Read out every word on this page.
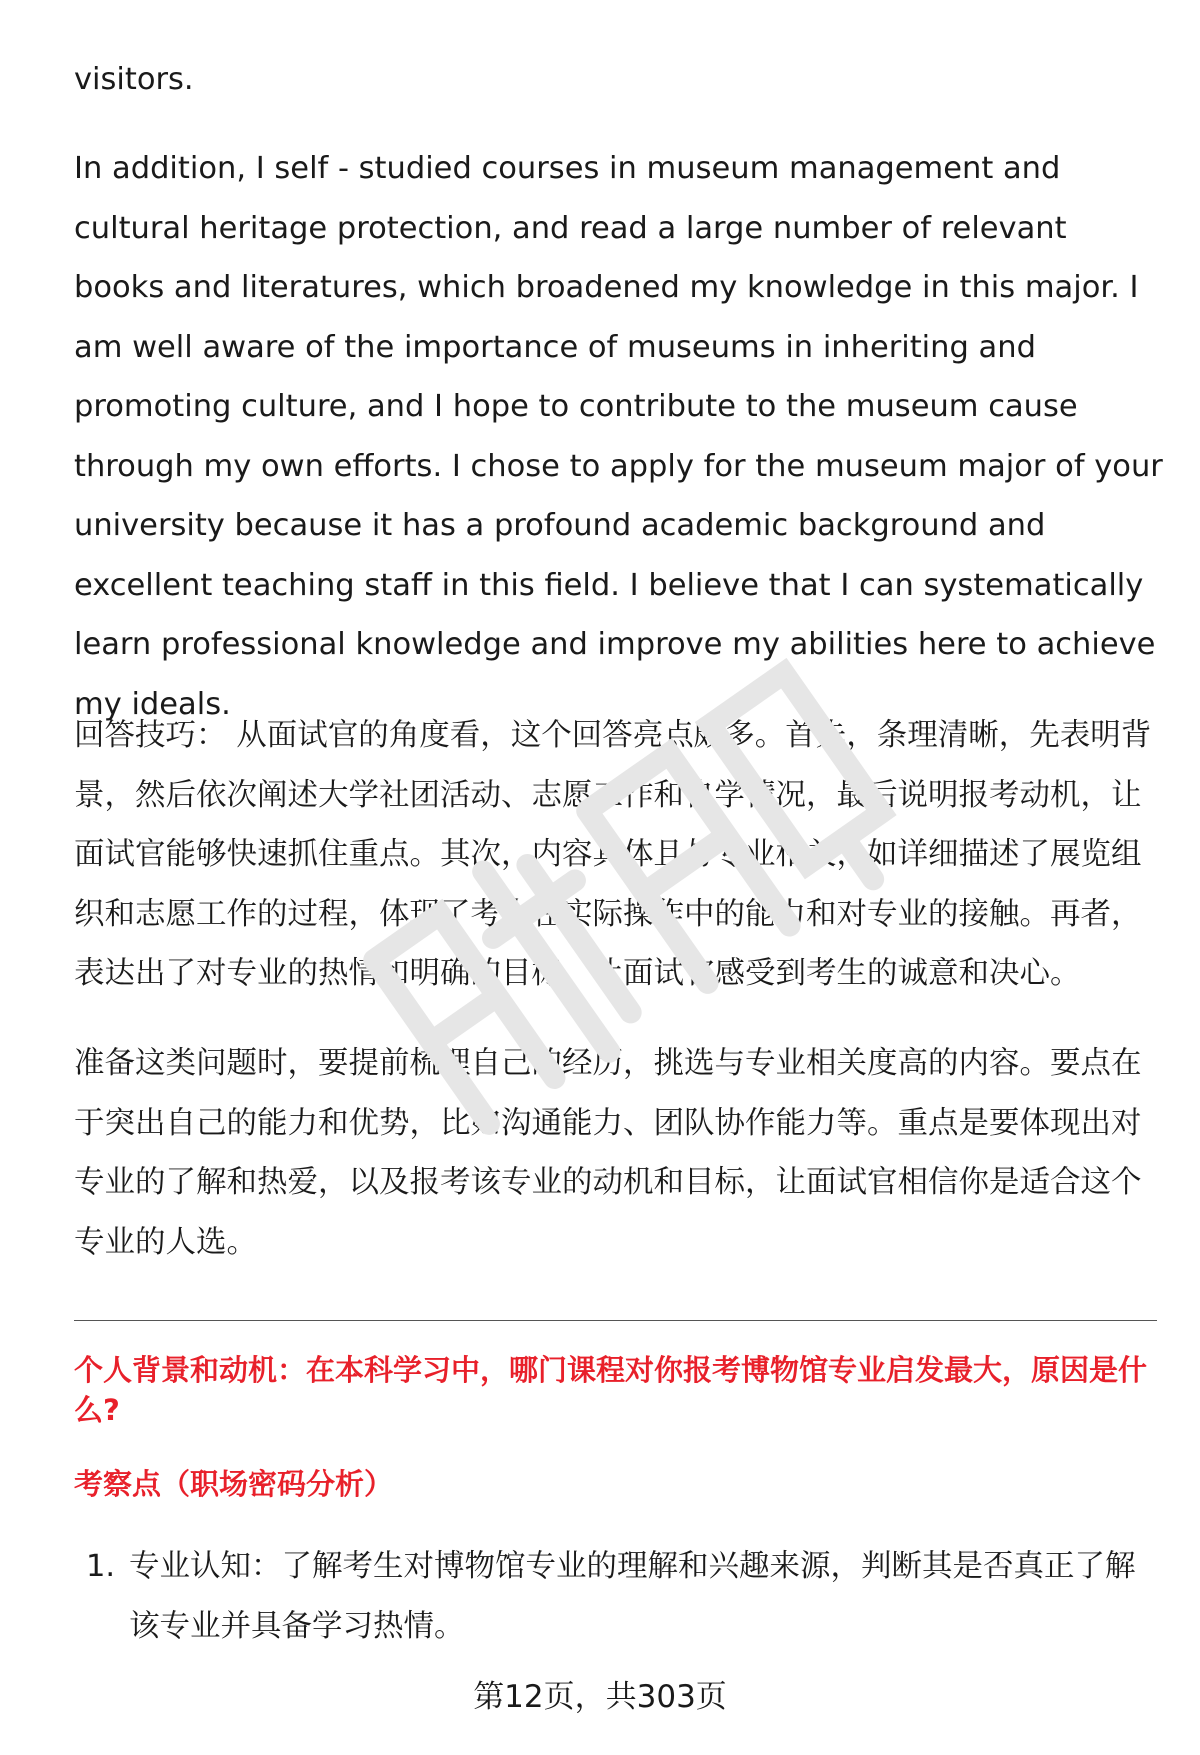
visitors.

In addition, I self - studied courses in museum management and cultural heritage protection, and read a large number of relevant books and literatures, which broadened my knowledge in this major. I am well aware of the importance of museums in inheriting and promoting culture, and I hope to contribute to the museum cause through my own efforts. I chose to apply for the museum major of your university because it has a profound academic background and excellent teaching staff in this field. I believe that I can systematically learn professional knowledge and improve my abilities here to achieve my ideals.

回答技巧： 从面试官的角度看，这个回答亮点颇多。首先，条理清晰，先表明背景，然后依次阐述大学社团活动、志愿工作和自学情况，最后说明报考动机，让面试官能够快速抓住重点。其次，内容具体且与专业相关，如详细描述了展览组织和志愿工作的过程，体现了考生在实际操作中的能力和对专业的接触。再者，表达出了对专业的热情和明确的目标，让面试官感受到考生的诚意和决心。

准备这类问题时，要提前梳理自己的经历，挑选与专业相关度高的内容。要点在于突出自己的能力和优势，比如沟通能力、团队协作能力等。重点是要体现出对专业的了解和热爱，以及报考该专业的动机和目标，让面试官相信你是适合这个专业的人选。

个人背景和动机：在本科学习中，哪门课程对你报考博物馆专业启发最大，原因是什么?

考察点（职场密码分析）

1. 专业认知：了解考生对博物馆专业的理解和兴趣来源，判断其是否真正了解该专业并具备学习热情。
第12页，共303页
